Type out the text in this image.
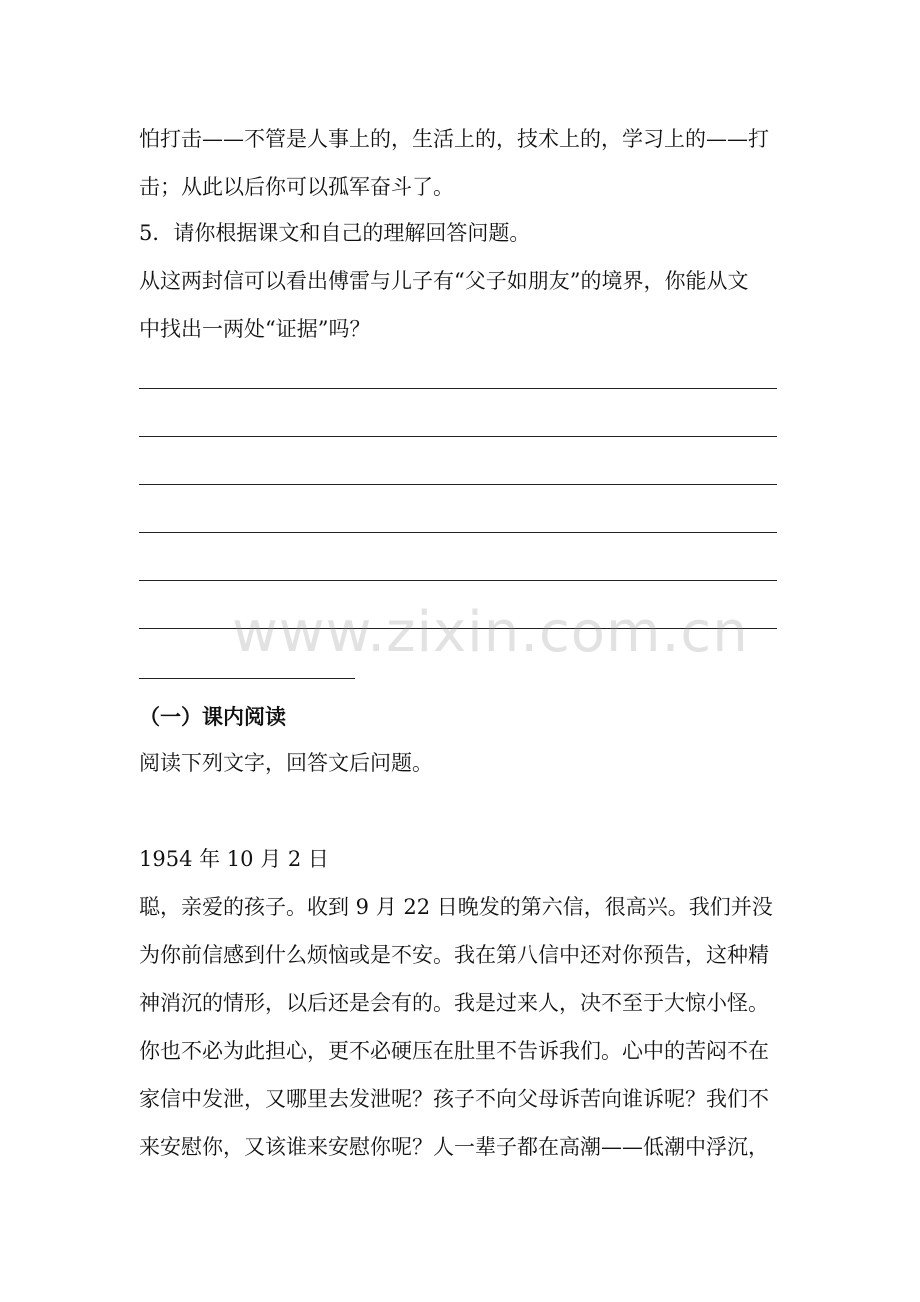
怕打击——不管是人事上的，生活上的，技术上的，学习上的——打
击；从此以后你可以孤军奋斗了。
5．请你根据课文和自己的理解回答问题。
从这两封信可以看出傅雷与儿子有“父子如朋友”的境界，你能从文
中找出一两处“证据”吗？
www.zixin.com.cn
（一）课内阅读
阅读下列文字，回答文后问题。
1954 年 10 月 2 日
聪，亲爱的孩子。收到 9 月 22 日晚发的第六信，很高兴。我们并没
为你前信感到什么烦恼或是不安。我在第八信中还对你预告，这种精
神消沉的情形，以后还是会有的。我是过来人，决不至于大惊小怪。
你也不必为此担心，更不必硬压在肚里不告诉我们。心中的苦闷不在
家信中发泄，又哪里去发泄呢？孩子不向父母诉苦向谁诉呢？我们不
来安慰你，又该谁来安慰你呢？人一辈子都在高潮——低潮中浮沉，
